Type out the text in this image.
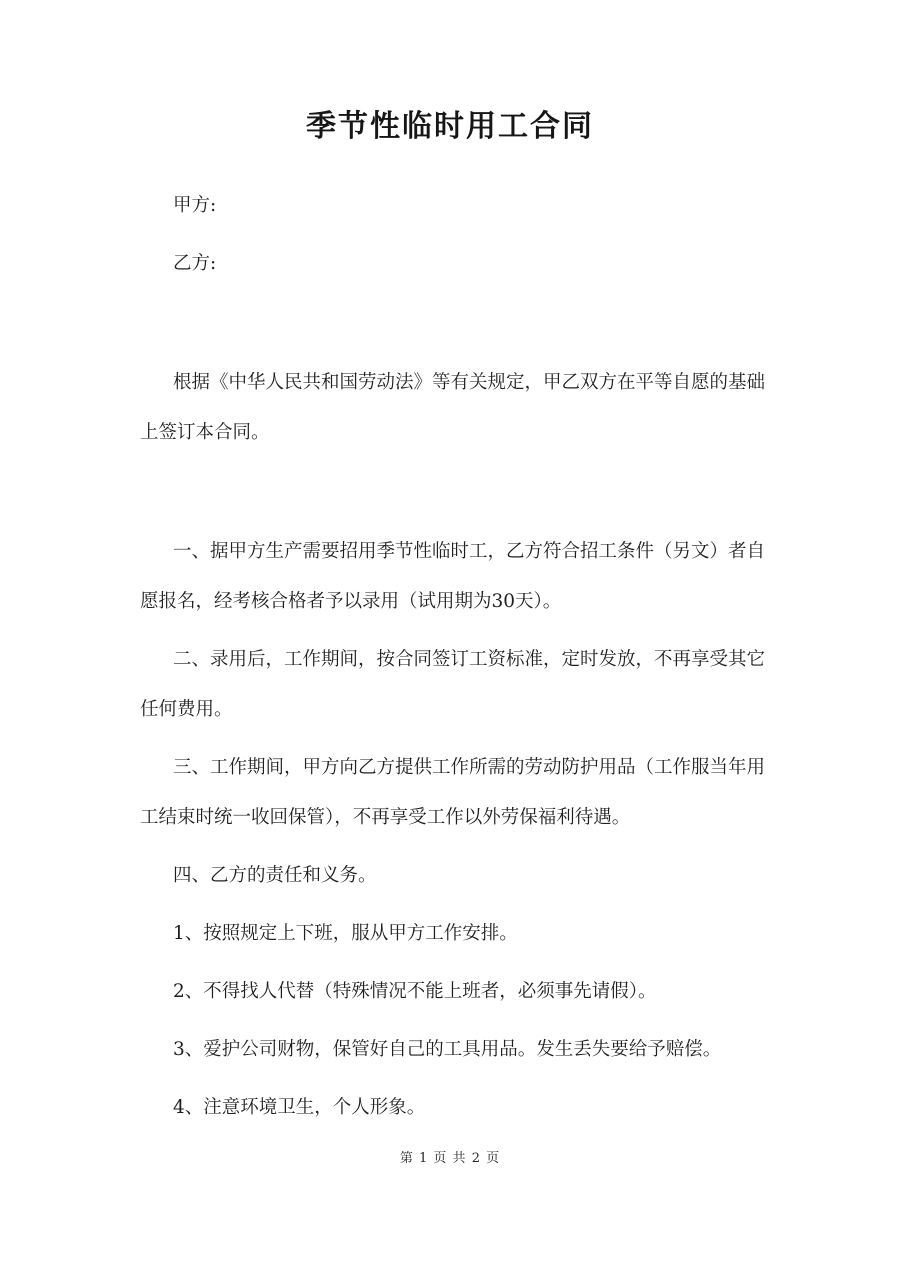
季节性临时用工合同
甲方:
乙方:
根据《中华人民共和国劳动法》等有关规定，甲乙双方在平等自愿的基础
上签订本合同。
一、据甲方生产需要招用季节性临时工，乙方符合招工条件（另文）者自
愿报名，经考核合格者予以录用（试用期为30天）。
二、录用后，工作期间，按合同签订工资标准，定时发放，不再享受其它
任何费用。
三、工作期间，甲方向乙方提供工作所需的劳动防护用品（工作服当年用
工结束时统一收回保管），不再享受工作以外劳保福利待遇。
四、乙方的责任和义务。
1、按照规定上下班，服从甲方工作安排。
2、不得找人代替（特殊情况不能上班者，必须事先请假）。
3、爱护公司财物，保管好自己的工具用品。发生丢失要给予赔偿。
4、注意环境卫生，个人形象。
第 1 页 共 2 页
